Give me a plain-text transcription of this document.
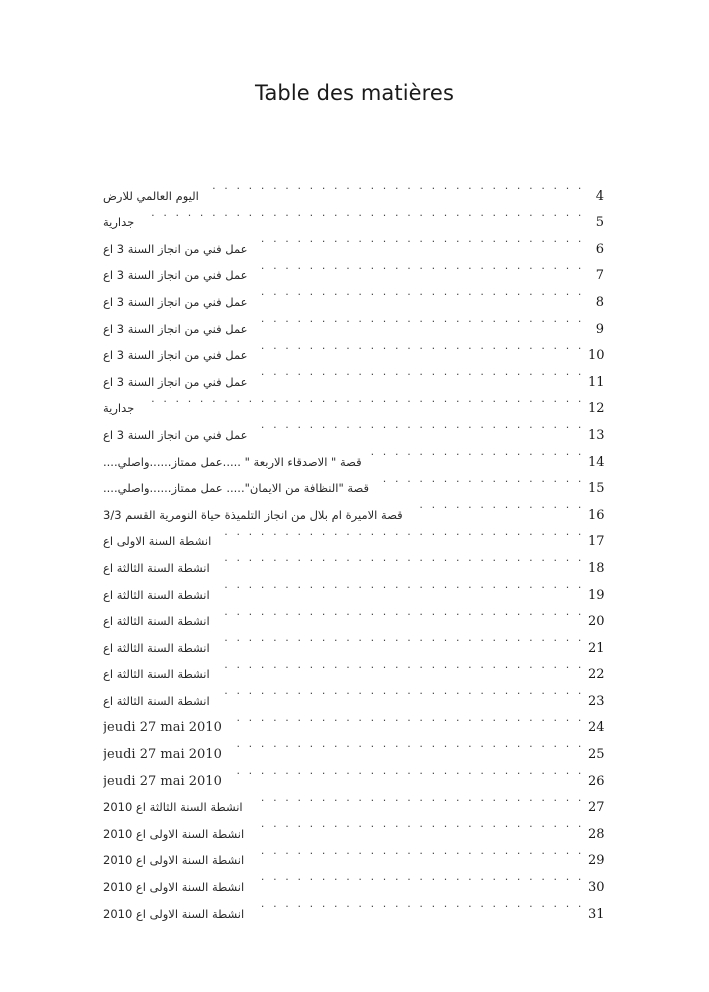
Table des matières
اليوم العالمي للارض . . .	4
جدارية . . .	5
عمل فني من انجاز السنة 3 اع . . .	6
عمل فني من انجاز السنة 3 اع . . .	7
عمل فني من انجاز السنة 3 اع . . .	8
عمل فني من انجاز السنة 3 اع . . .	9
عمل فني من انجاز السنة 3 اع . . .	10
عمل فني من انجاز السنة 3 اع . . .	11
جدارية . . .	12
عمل فني من انجاز السنة 3 اع . . .	13
قصة " الاصدقاء الاربعة " .....عمل ممتاز......واصلي.... . . .	14
قصة "النظافة من الايمان"..... عمل ممتاز......واصلي.... . . .	15
قصة الاميرة ام بلال من انجاز التلميذة حياة النومرية القسم 3/3 . . .	16
انشطة السنة الاولى اع . . .	17
انشطة السنة الثالثة اع . . .	18
انشطة السنة الثالثة اع . . .	19
انشطة السنة الثالثة اع . . .	20
انشطة السنة الثالثة اع . . .	21
انشطة السنة الثالثة اع . . .	22
انشطة السنة الثالثة اع . . .	23
jeudi 27 mai 2010 . . .	24
jeudi 27 mai 2010 . . .	25
jeudi 27 mai 2010 . . .	26
انشطة السنة الثالثة اع 2010 . . .	27
انشطة السنة الاولى اع 2010 . . .	28
انشطة السنة الاولى اع 2010 . . .	29
انشطة السنة الاولى اع 2010 . . .	30
انشطة السنة الاولى اع 2010 . . .	31
